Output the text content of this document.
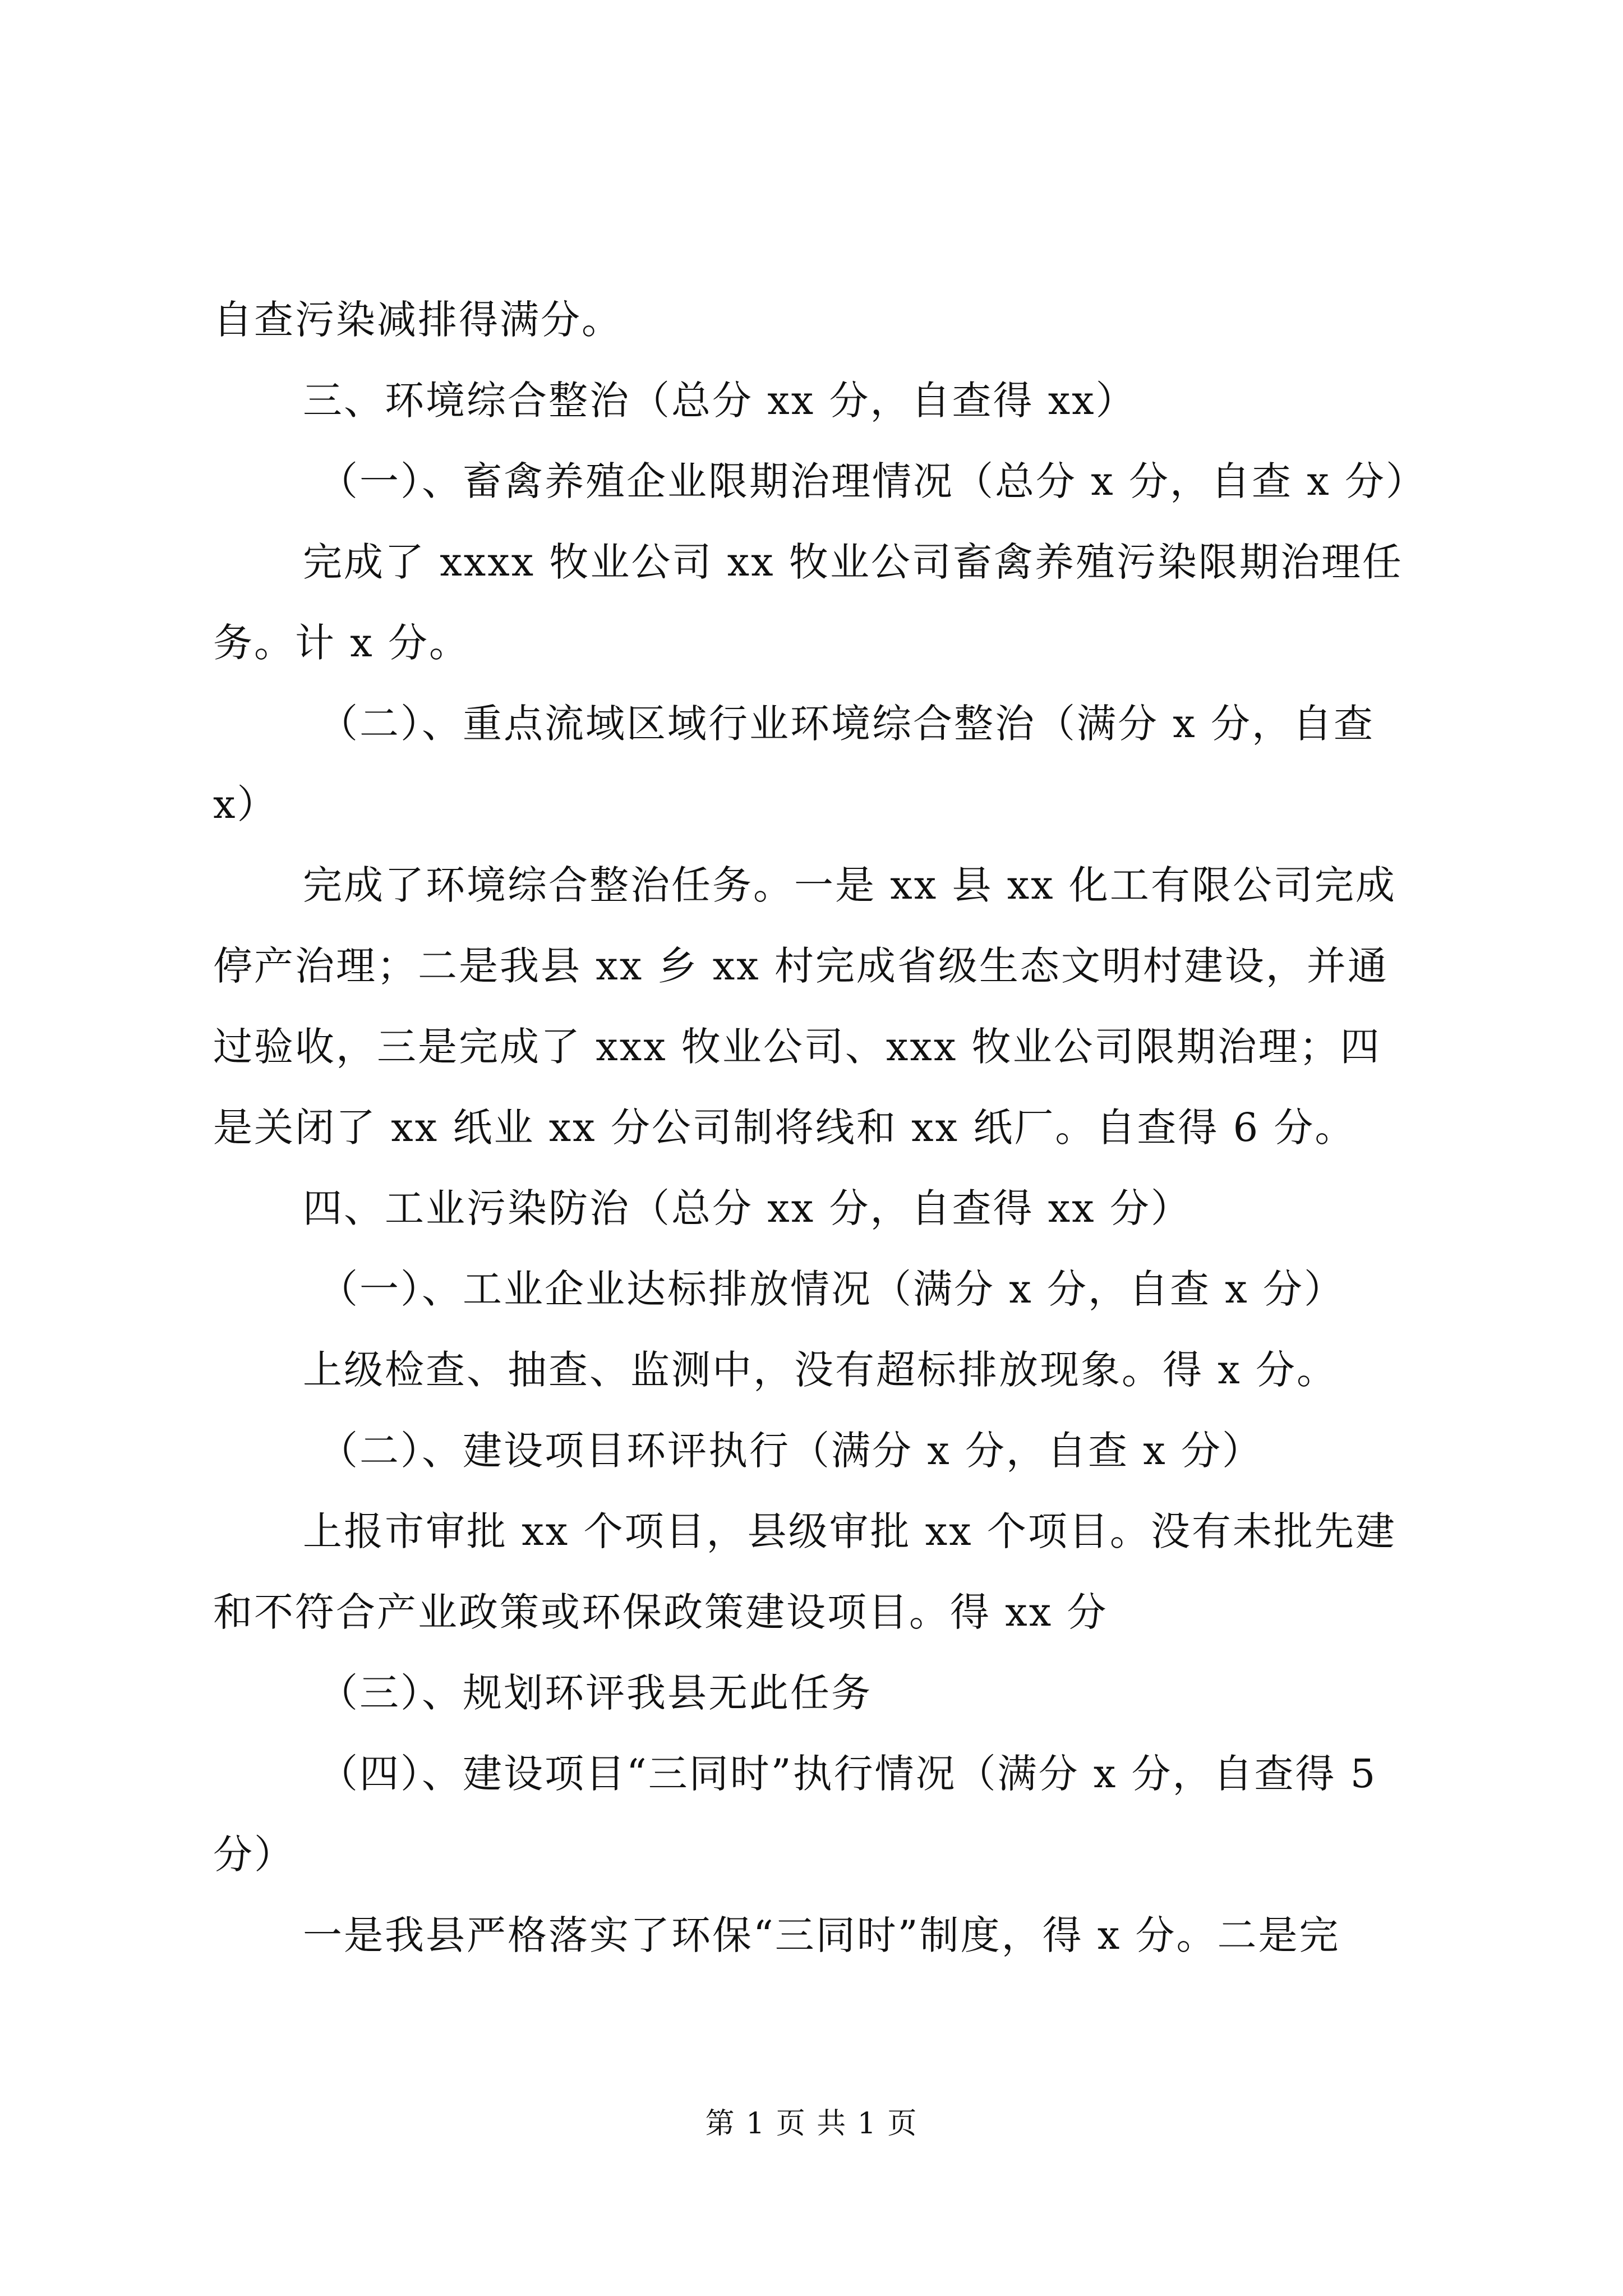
自查污染减排得满分。
三、环境综合整治（总分 xx 分，自查得 xx）
（一）、畜禽养殖企业限期治理情况（总分 x 分，自查 x 分）
完成了 xxxx 牧业公司 xx 牧业公司畜禽养殖污染限期治理任
务。计 x 分。
（二）、重点流域区域行业环境综合整治（满分 x 分，自查
x）
完成了环境综合整治任务。一是 xx 县 xx 化工有限公司完成
停产治理；二是我县 xx 乡 xx 村完成省级生态文明村建设，并通
过验收，三是完成了 xxx 牧业公司、xxx 牧业公司限期治理；四
是关闭了 xx 纸业 xx 分公司制将线和 xx 纸厂。自查得 6 分。
四、工业污染防治（总分 xx 分，自查得 xx 分）
（一）、工业企业达标排放情况（满分 x 分，自查 x 分）
上级检查、抽查、监测中，没有超标排放现象。得 x 分。
（二）、建设项目环评执行（满分 x 分，自查 x 分）
上报市审批 xx 个项目，县级审批 xx 个项目。没有未批先建
和不符合产业政策或环保政策建设项目。得 xx 分
（三）、规划环评我县无此任务
（四）、建设项目“三同时”执行情况（满分 x 分，自查得 5
分）
一是我县严格落实了环保“三同时”制度，得 x 分。二是完
第 1 页 共 1 页
